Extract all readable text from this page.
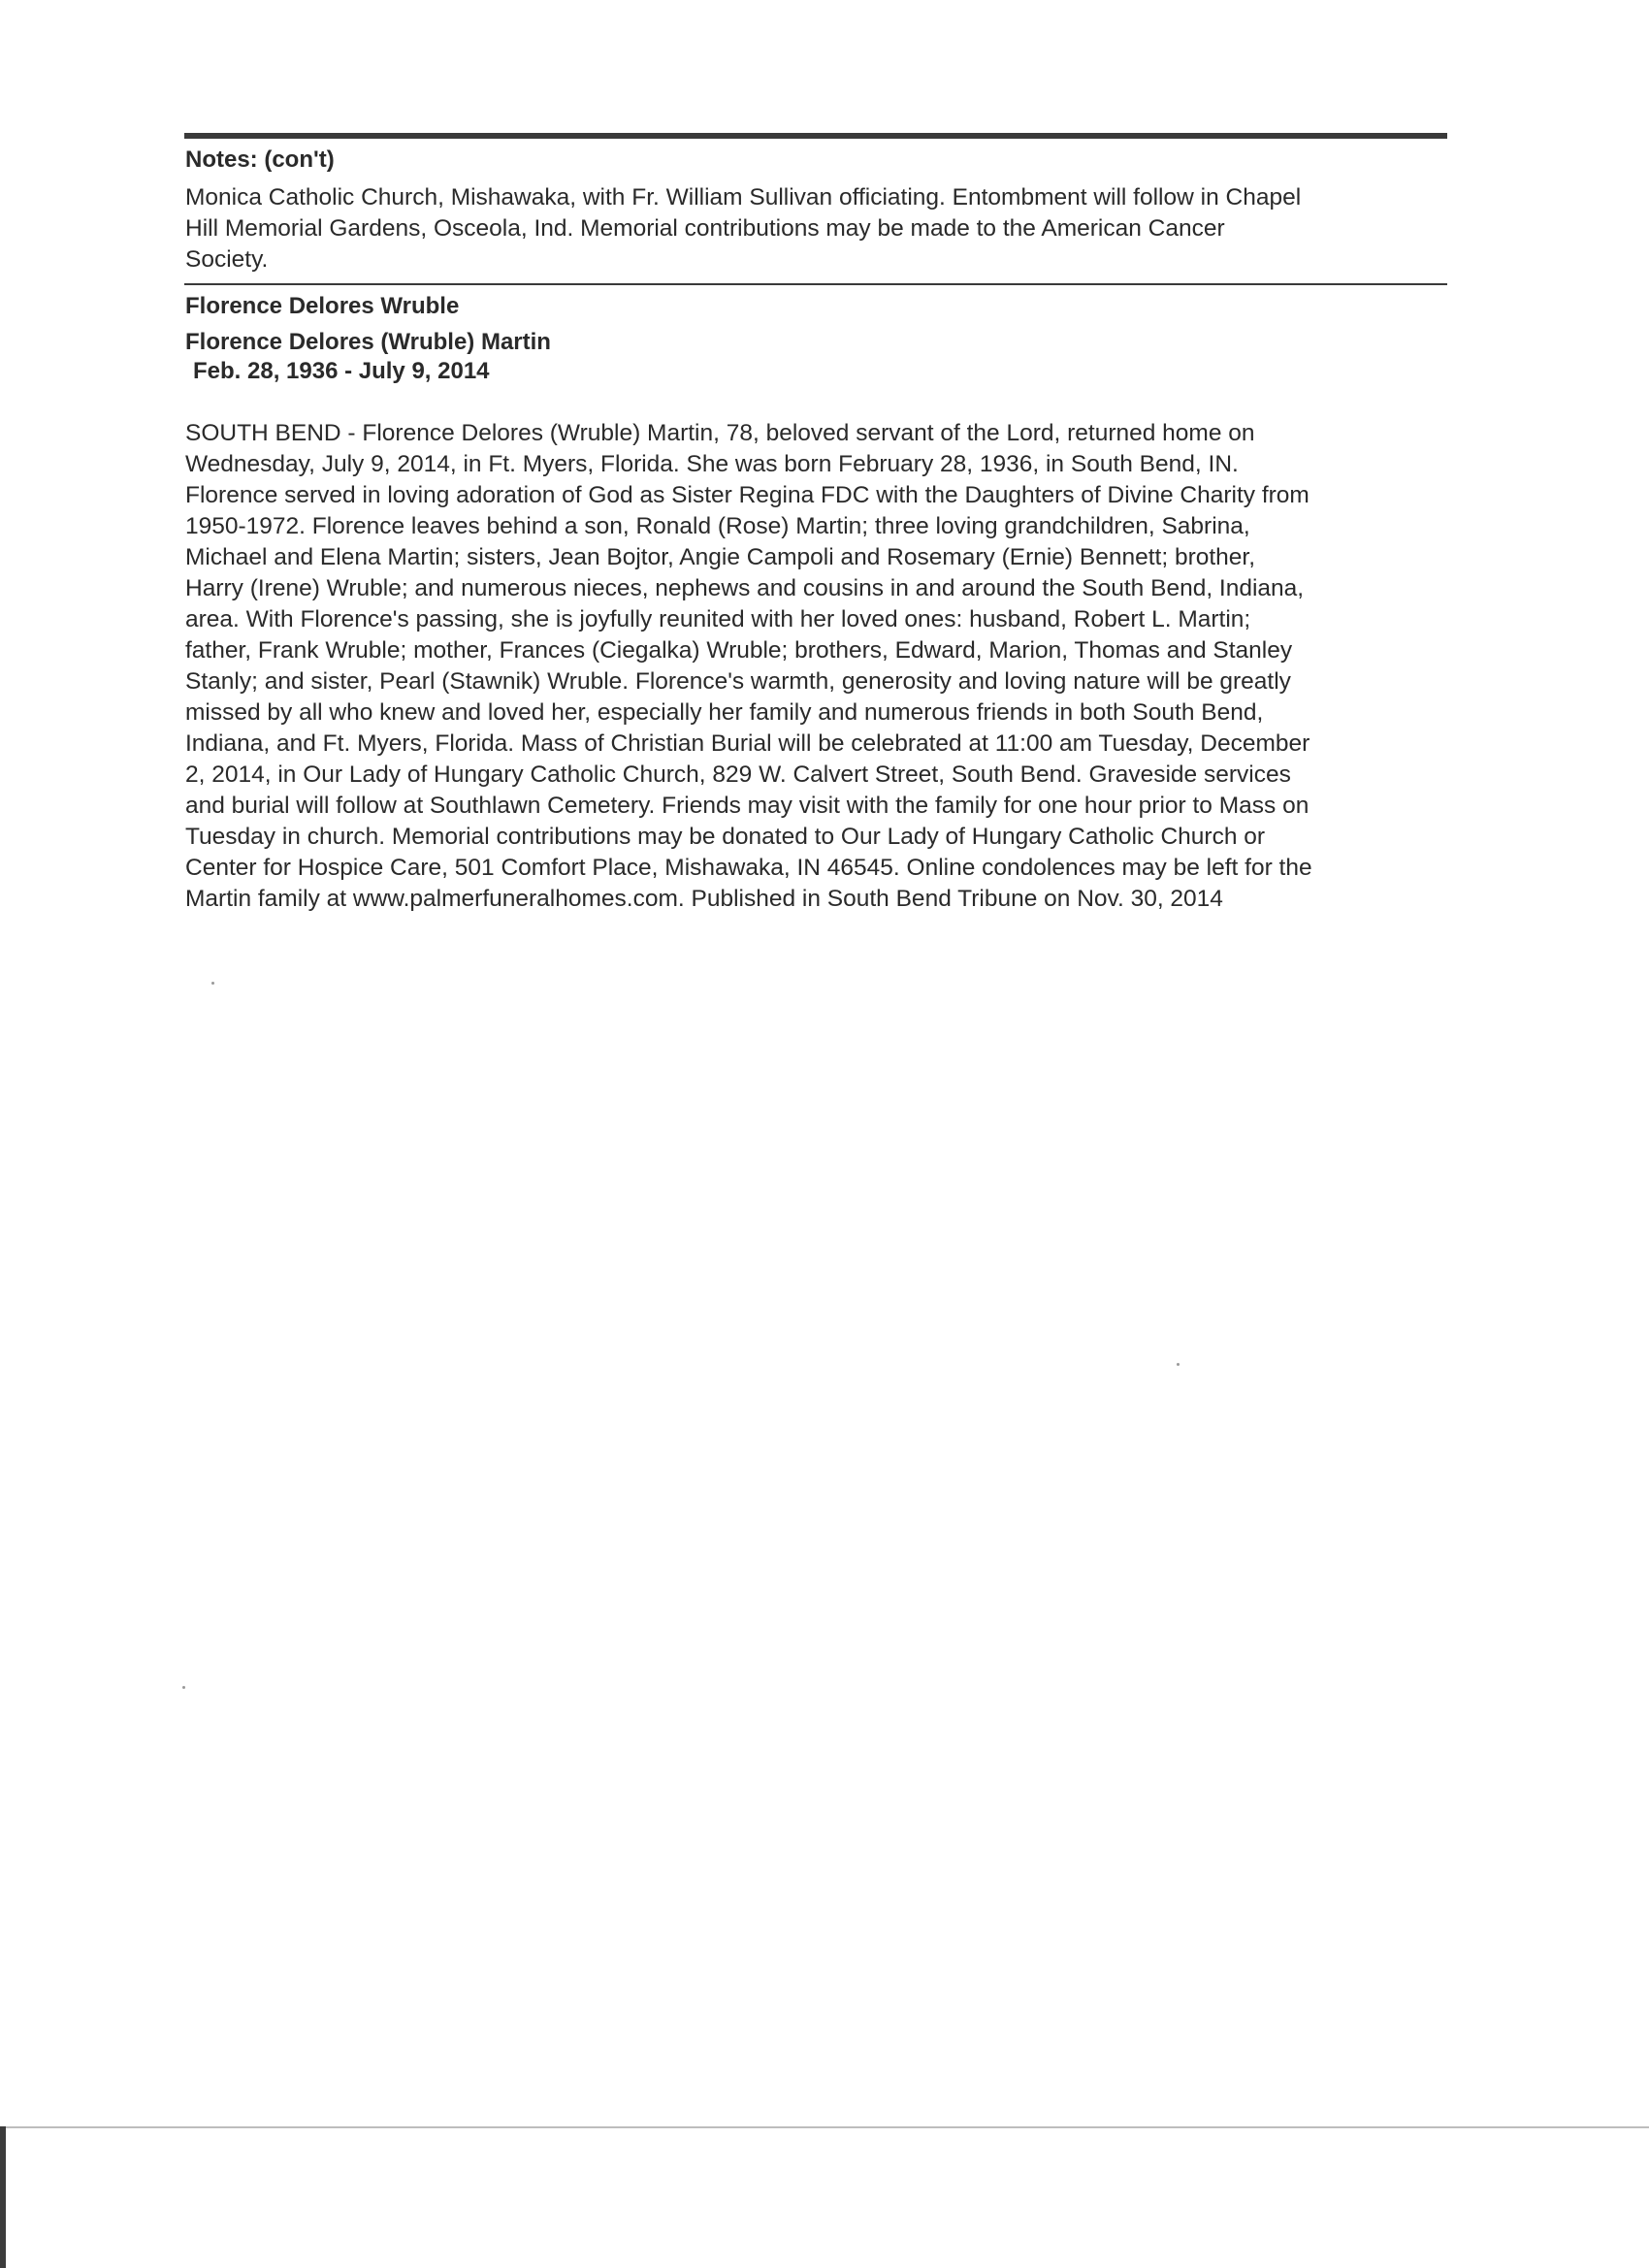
Notes: (con't)
Monica Catholic Church, Mishawaka, with Fr. William Sullivan officiating. Entombment will follow in Chapel
Hill Memorial Gardens, Osceola, Ind. Memorial contributions may be made to the American Cancer
Society.
Florence Delores Wruble
Florence Delores (Wruble) Martin
Feb. 28, 1936 - July 9, 2014
SOUTH BEND - Florence Delores (Wruble) Martin, 78, beloved servant of the Lord, returned home on
Wednesday, July 9, 2014, in Ft. Myers, Florida. She was born February 28, 1936, in South Bend, IN.
Florence served in loving adoration of God as Sister Regina FDC with the Daughters of Divine Charity from
1950-1972. Florence leaves behind a son, Ronald (Rose) Martin; three loving grandchildren, Sabrina,
Michael and Elena Martin; sisters, Jean Bojtor, Angie Campoli and Rosemary (Ernie) Bennett; brother,
Harry (Irene) Wruble; and numerous nieces, nephews and cousins in and around the South Bend, Indiana,
area. With Florence's passing, she is joyfully reunited with her loved ones: husband, Robert L. Martin;
father, Frank Wruble; mother, Frances (Ciegalka) Wruble; brothers, Edward, Marion, Thomas and Stanley
Stanly; and sister, Pearl (Stawnik) Wruble. Florence's warmth, generosity and loving nature will be greatly
missed by all who knew and loved her, especially her family and numerous friends in both South Bend,
Indiana, and Ft. Myers, Florida. Mass of Christian Burial will be celebrated at 11:00 am Tuesday, December
2, 2014, in Our Lady of Hungary Catholic Church, 829 W. Calvert Street, South Bend. Graveside services
and burial will follow at Southlawn Cemetery. Friends may visit with the family for one hour prior to Mass on
Tuesday in church. Memorial contributions may be donated to Our Lady of Hungary Catholic Church or
Center for Hospice Care, 501 Comfort Place, Mishawaka, IN 46545. Online condolences may be left for the
Martin family at www.palmerfuneralhomes.com. Published in South Bend Tribune on Nov. 30, 2014
